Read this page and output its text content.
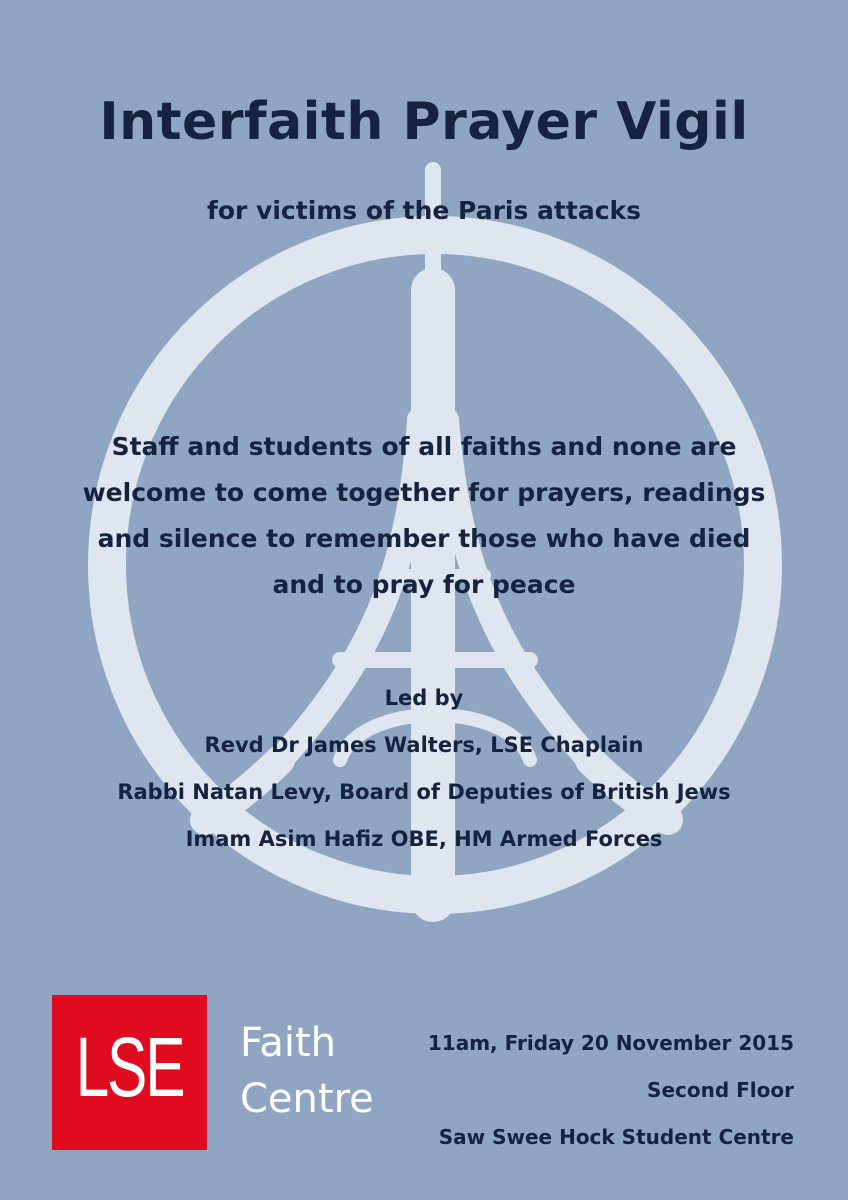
Interfaith Prayer Vigil
for victims of the Paris attacks
Staff and students of all faiths and none are
welcome to come together for prayers, readings
and silence to remember those who have died
and to pray for peace
Led by
Revd Dr James Walters, LSE Chaplain
Rabbi Natan Levy, Board of Deputies of British Jews
Imam Asim Hafiz OBE, HM Armed Forces
LSE Faith
Centre
11am, Friday 20 November 2015
Second Floor
Saw Swee Hock Student Centre
